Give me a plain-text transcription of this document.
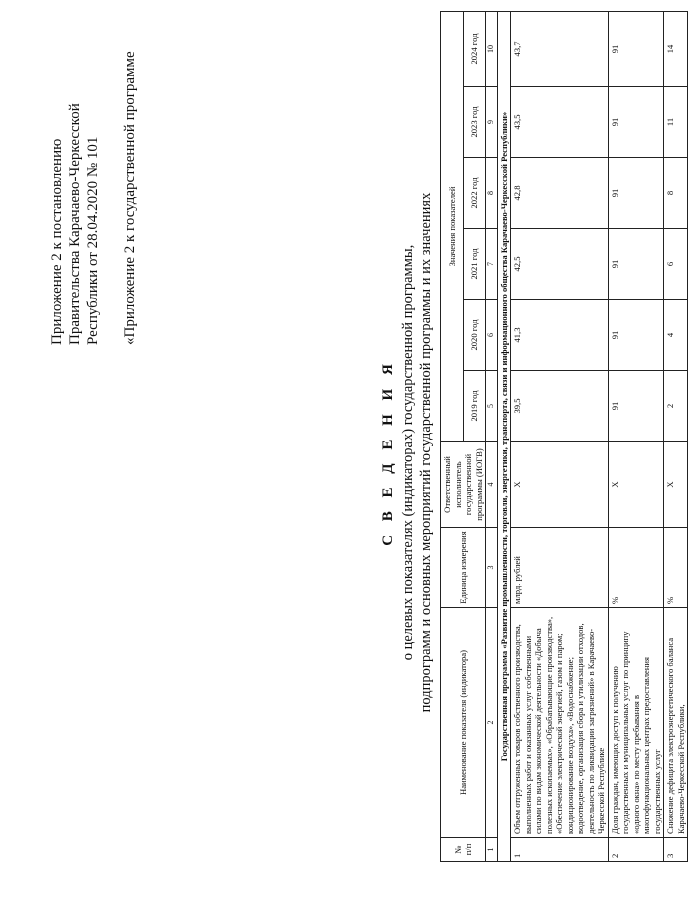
Приложение 2 к постановлению Правительства Карачаево-Черкесской Республики от 28.04.2020 № 101 «Приложение 2 к государственной программе
С В Е Д Е Н И Я о целевых показателях (индикаторах) государственной программы, подпрограмм и основных мероприятий государственной программы и их значениях
№ п/п	Наименование показателя (индикатора)	Единица измерения	Ответственный исполнитель государственной программы (ИОГВ)	Значения показателей					
				2019 год	2020 год	2021 год	2022 год	2023 год	2024 год
1	2	3	4	5	6	7	8	9	10
Государственная программа «Развитие промышленности, торговли, энергетики, транспорта, связи и информационного общества Карачаево-Черкесской Республики»									
1	Объем отгруженных товаров собственного производства, выполненных работ и оказанных услуг собственными силами по видам экономической деятельности «Добыча полезных ископаемых», «Обрабатывающие производства», «Обеспечение электрической энергией, газом и паром; кондиционирование воздуха», «Водоснабжение; водоотведение, организация сбора и утилизации отходов, деятельность по ликвидации загрязнений» в Карачаево-Черкесской Республике	млрд. рублей	Х	39,5	41,3	42,5	42,8	43,5	43,7
2	Доля граждан, имеющих доступ к получению государственных и муниципальных услуг по принципу «одного окна» по месту пребывания в многофункциональных центрах предоставления государственных услуг	%	Х	91	91	91	91	91	91
3	Снижение дефицита электроэнергетического баланса Карачаево-Черкесской Республики,	%	Х	2	4	6	8	11	14
